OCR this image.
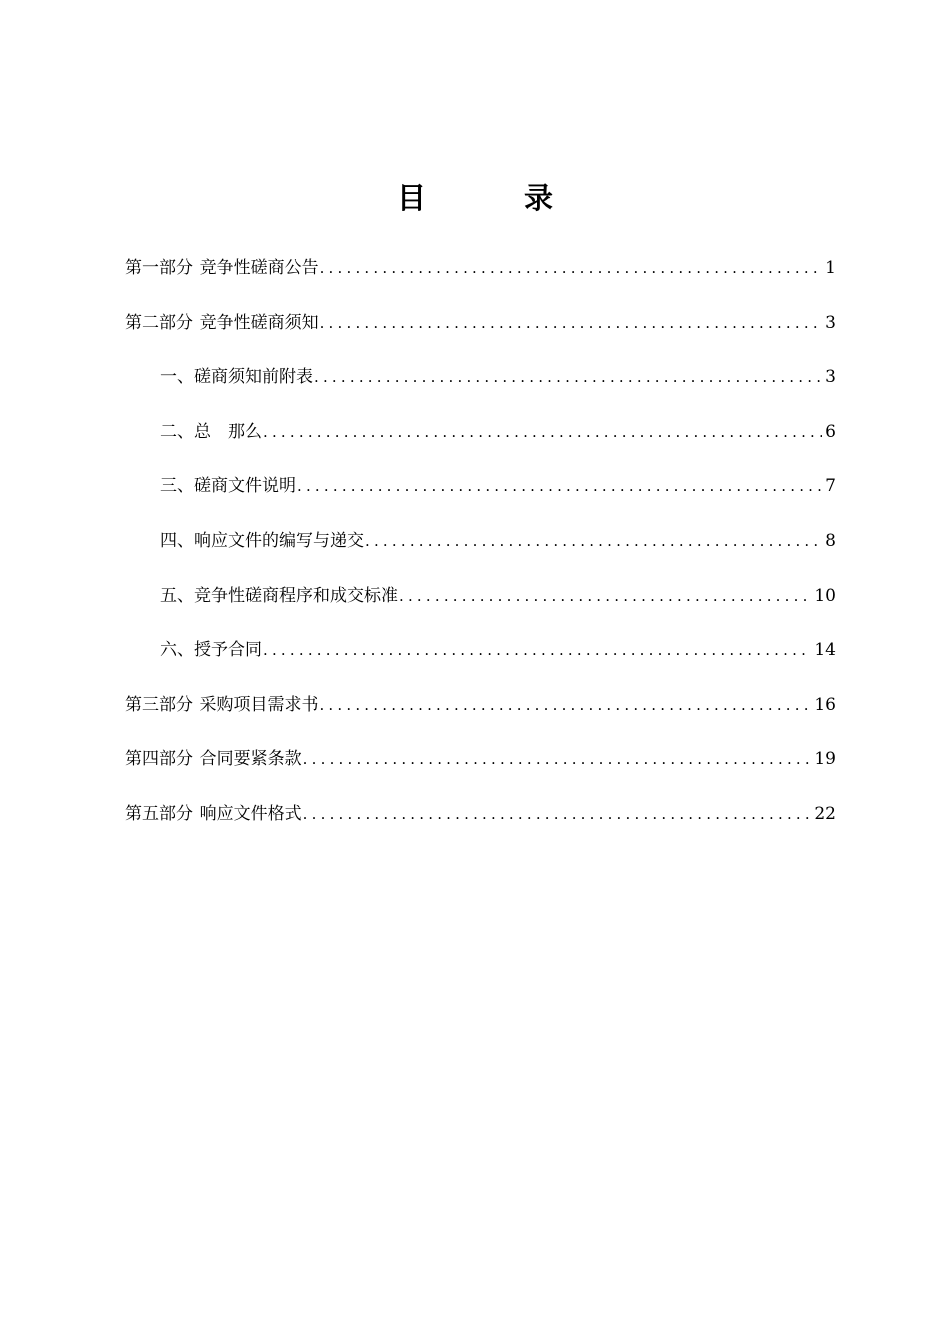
目 录
第一部分 竞争性磋商公告 .....	1
第二部分 竞争性磋商须知 .....	3
一、磋商须知前附表 .....	3
二、总　那么 .....	6
三、磋商文件说明 .....	7
四、响应文件的编写与递交 .....	8
五、竞争性磋商程序和成交标准 .....	10
六、授予合同 .....	14
第三部分 采购项目需求书 .....	16
第四部分 合同要紧条款 .....	19
第五部分 响应文件格式 .....	22
